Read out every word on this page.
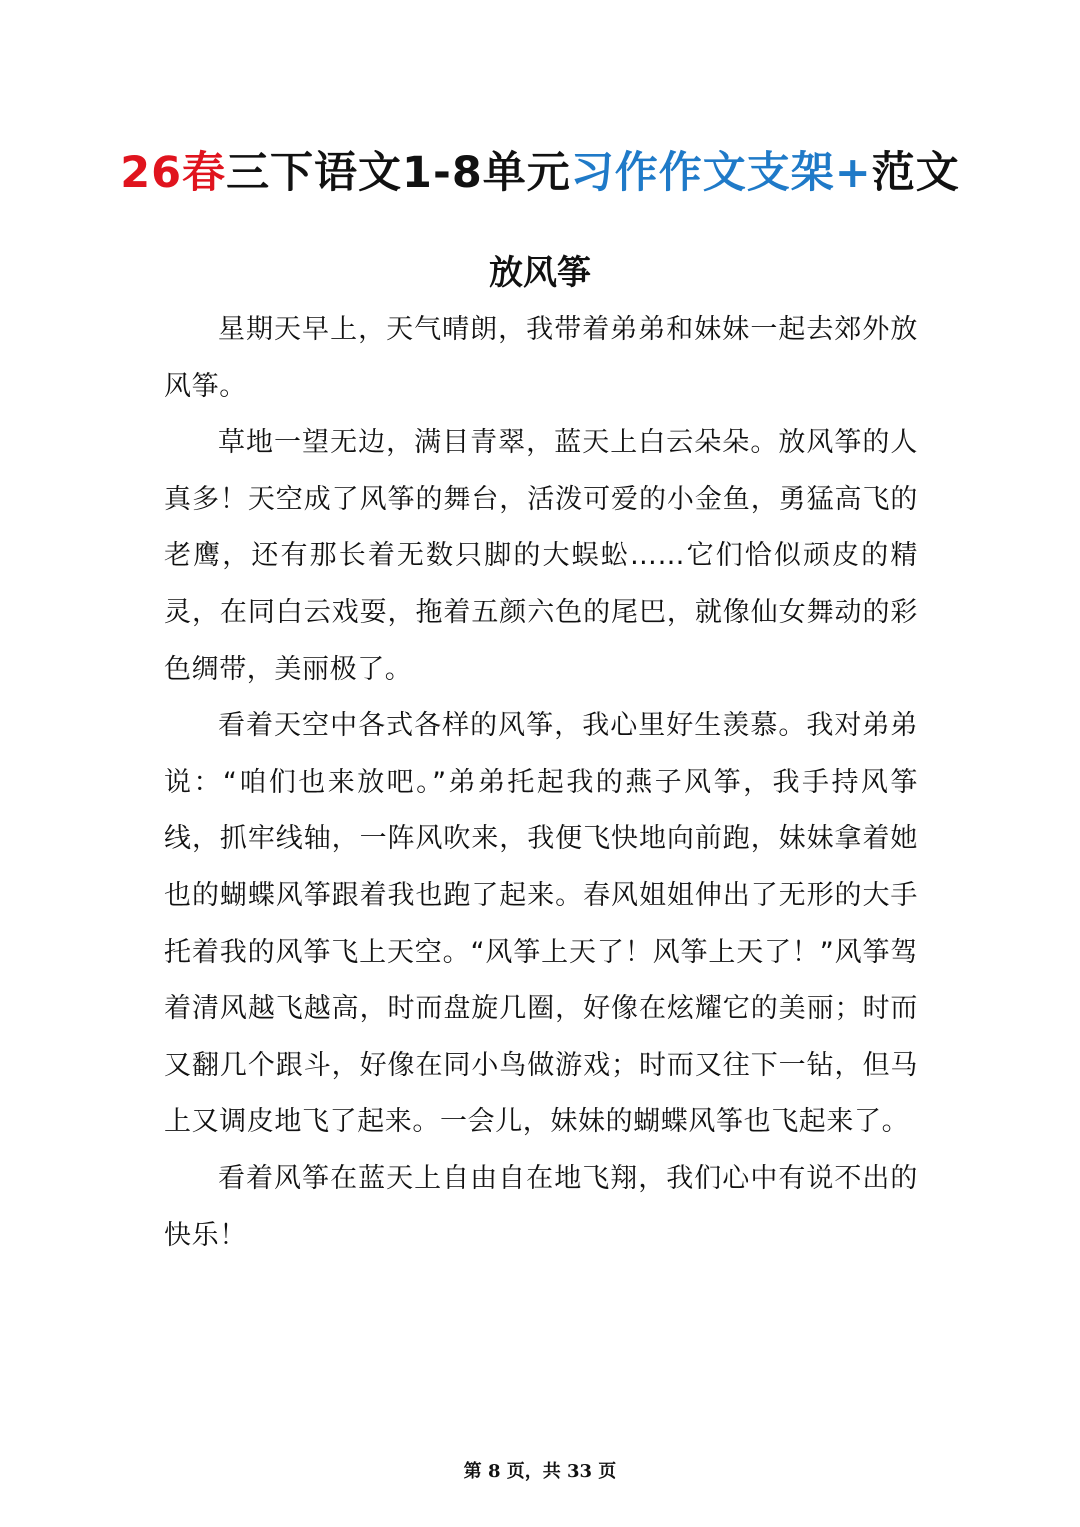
26春三下语文1-8单元习作作文支架+范文
放风筝

星期天早上，天气晴朗，我带着弟弟和妹妹一起去郊外放风筝。

草地一望无边，满目青翠，蓝天上白云朵朵。放风筝的人真多！天空成了风筝的舞台，活泼可爱的小金鱼，勇猛高飞的老鹰，还有那长着无数只脚的大蜈蚣……它们恰似顽皮的精灵，在同白云戏耍，拖着五颜六色的尾巴，就像仙女舞动的彩色绸带，美丽极了。

看着天空中各式各样的风筝，我心里好生羡慕。我对弟弟说：“咱们也来放吧。”弟弟托起我的燕子风筝，我手持风筝线，抓牢线轴，一阵风吹来，我便飞快地向前跑，妹妹拿着她也的蝴蝶风筝跟着我也跑了起来。春风姐姐伸出了无形的大手托着我的风筝飞上天空。“风筝上天了！风筝上天了！”风筝驾着清风越飞越高，时而盘旋几圈，好像在炫耀它的美丽；时而又翻几个跟斗，好像在同小鸟做游戏；时而又往下一钻，但马上又调皮地飞了起来。一会儿，妹妹的蝴蝶风筝也飞起来了。

看着风筝在蓝天上自由自在地飞翔，我们心中有说不出的快乐！

第 8 页，共 33 页
